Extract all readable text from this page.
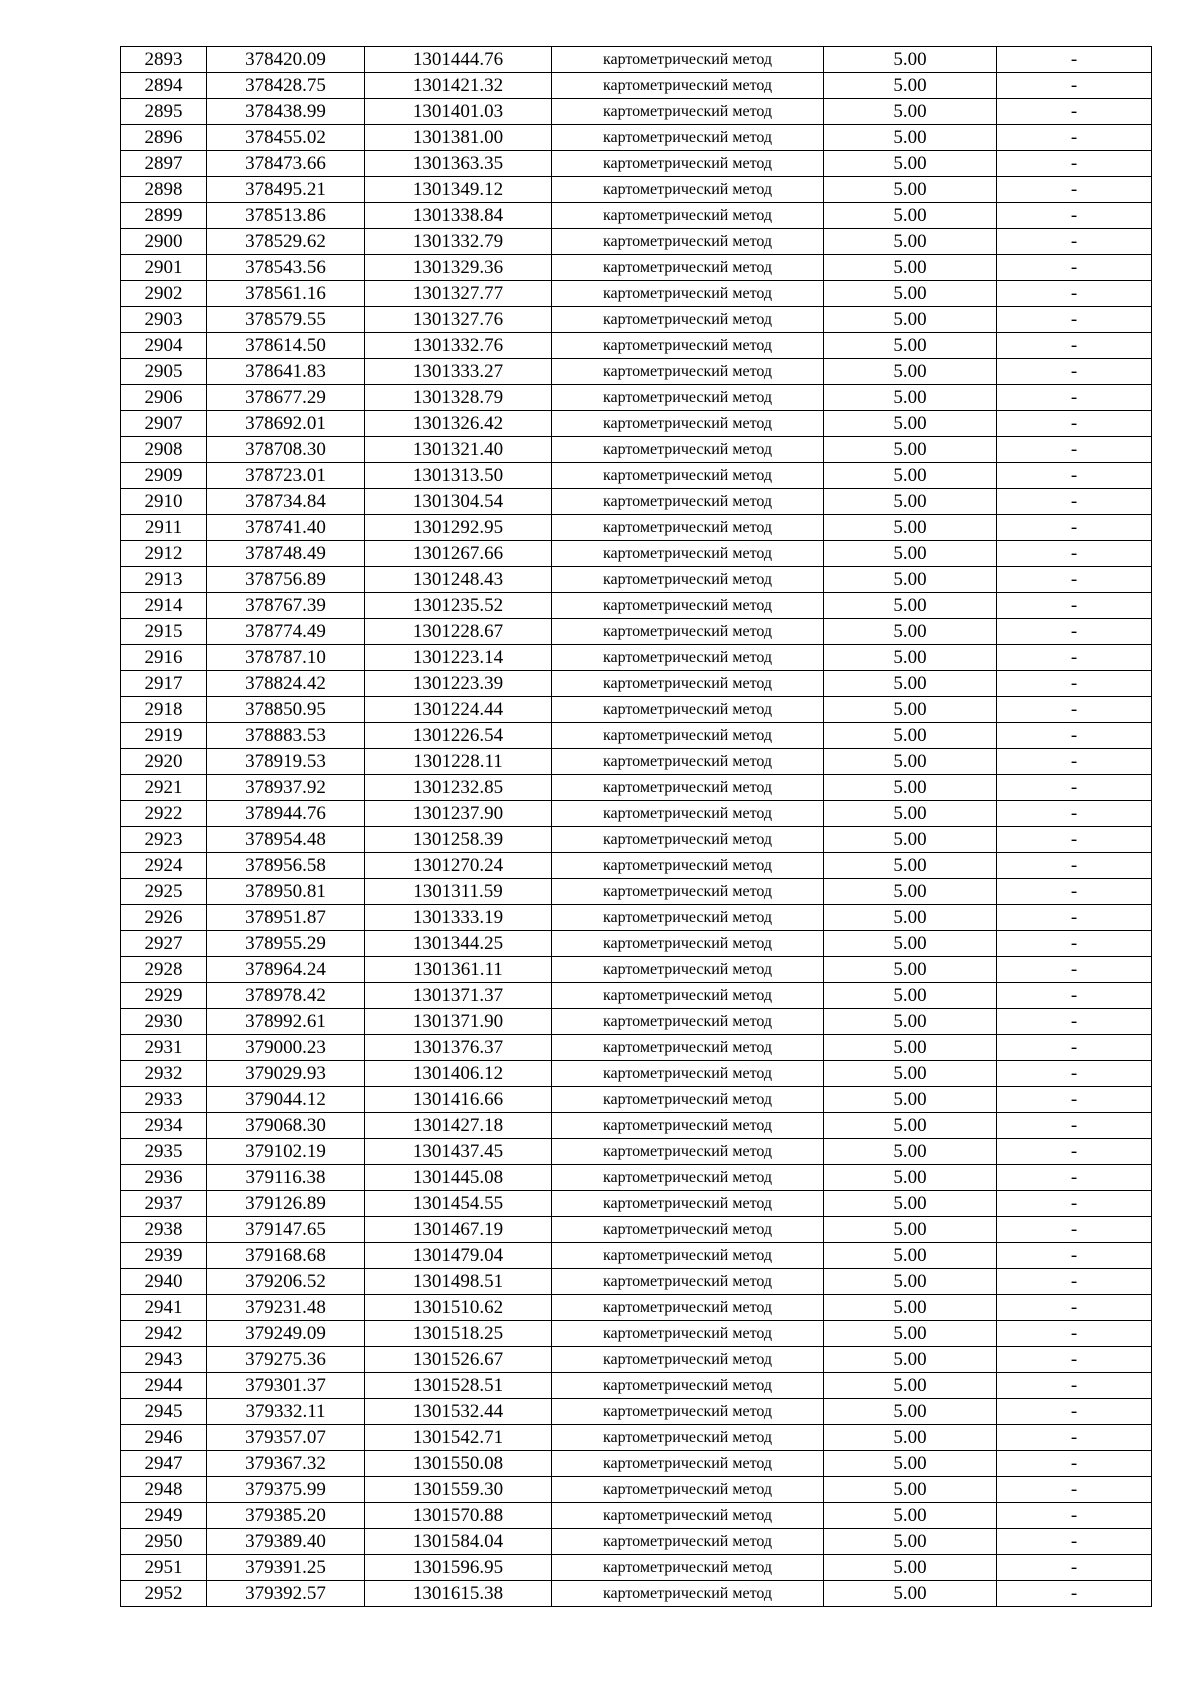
2893	378420.09	1301444.76	картометрический метод	5.00	-
2894	378428.75	1301421.32	картометрический метод	5.00	-
2895	378438.99	1301401.03	картометрический метод	5.00	-
2896	378455.02	1301381.00	картометрический метод	5.00	-
2897	378473.66	1301363.35	картометрический метод	5.00	-
2898	378495.21	1301349.12	картометрический метод	5.00	-
2899	378513.86	1301338.84	картометрический метод	5.00	-
2900	378529.62	1301332.79	картометрический метод	5.00	-
2901	378543.56	1301329.36	картометрический метод	5.00	-
2902	378561.16	1301327.77	картометрический метод	5.00	-
2903	378579.55	1301327.76	картометрический метод	5.00	-
2904	378614.50	1301332.76	картометрический метод	5.00	-
2905	378641.83	1301333.27	картометрический метод	5.00	-
2906	378677.29	1301328.79	картометрический метод	5.00	-
2907	378692.01	1301326.42	картометрический метод	5.00	-
2908	378708.30	1301321.40	картометрический метод	5.00	-
2909	378723.01	1301313.50	картометрический метод	5.00	-
2910	378734.84	1301304.54	картометрический метод	5.00	-
2911	378741.40	1301292.95	картометрический метод	5.00	-
2912	378748.49	1301267.66	картометрический метод	5.00	-
2913	378756.89	1301248.43	картометрический метод	5.00	-
2914	378767.39	1301235.52	картометрический метод	5.00	-
2915	378774.49	1301228.67	картометрический метод	5.00	-
2916	378787.10	1301223.14	картометрический метод	5.00	-
2917	378824.42	1301223.39	картометрический метод	5.00	-
2918	378850.95	1301224.44	картометрический метод	5.00	-
2919	378883.53	1301226.54	картометрический метод	5.00	-
2920	378919.53	1301228.11	картометрический метод	5.00	-
2921	378937.92	1301232.85	картометрический метод	5.00	-
2922	378944.76	1301237.90	картометрический метод	5.00	-
2923	378954.48	1301258.39	картометрический метод	5.00	-
2924	378956.58	1301270.24	картометрический метод	5.00	-
2925	378950.81	1301311.59	картометрический метод	5.00	-
2926	378951.87	1301333.19	картометрический метод	5.00	-
2927	378955.29	1301344.25	картометрический метод	5.00	-
2928	378964.24	1301361.11	картометрический метод	5.00	-
2929	378978.42	1301371.37	картометрический метод	5.00	-
2930	378992.61	1301371.90	картометрический метод	5.00	-
2931	379000.23	1301376.37	картометрический метод	5.00	-
2932	379029.93	1301406.12	картометрический метод	5.00	-
2933	379044.12	1301416.66	картометрический метод	5.00	-
2934	379068.30	1301427.18	картометрический метод	5.00	-
2935	379102.19	1301437.45	картометрический метод	5.00	-
2936	379116.38	1301445.08	картометрический метод	5.00	-
2937	379126.89	1301454.55	картометрический метод	5.00	-
2938	379147.65	1301467.19	картометрический метод	5.00	-
2939	379168.68	1301479.04	картометрический метод	5.00	-
2940	379206.52	1301498.51	картометрический метод	5.00	-
2941	379231.48	1301510.62	картометрический метод	5.00	-
2942	379249.09	1301518.25	картометрический метод	5.00	-
2943	379275.36	1301526.67	картометрический метод	5.00	-
2944	379301.37	1301528.51	картометрический метод	5.00	-
2945	379332.11	1301532.44	картометрический метод	5.00	-
2946	379357.07	1301542.71	картометрический метод	5.00	-
2947	379367.32	1301550.08	картометрический метод	5.00	-
2948	379375.99	1301559.30	картометрический метод	5.00	-
2949	379385.20	1301570.88	картометрический метод	5.00	-
2950	379389.40	1301584.04	картометрический метод	5.00	-
2951	379391.25	1301596.95	картометрический метод	5.00	-
2952	379392.57	1301615.38	картометрический метод	5.00	-
